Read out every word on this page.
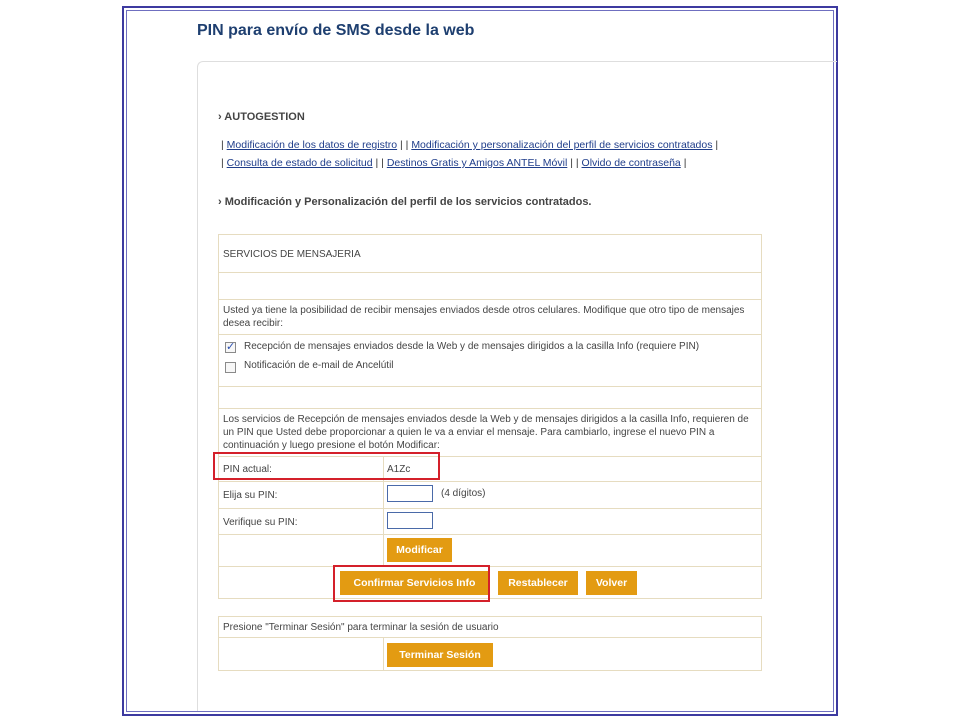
PIN para envío de SMS desde la web
› AUTOGESTION
| Modificación de los datos de registro | | Modificación y personalización del perfil de servicios contratados |
| Consulta de estado de solicitud | | Destinos Gratis y Amigos ANTEL Móvil | | Olvido de contraseña |
› Modificación y Personalización del perfil de los servicios contratados.
SERVICIOS DE MENSAJERIA
Usted ya tiene la posibilidad de recibir mensajes enviados desde otros celulares. Modifique que otro tipo de mensajes desea recibir:
✓
Recepción de mensajes enviados desde la Web y de mensajes dirigidos a la casilla Info (requiere PIN)
Notificación de e-mail de Ancelútil
Los servicios de Recepción de mensajes enviados desde la Web y de mensajes dirigidos a la casilla Info, requieren de un PIN que Usted debe proporcionar a quien le va a enviar el mensaje. Para cambiarlo, ingrese el nuevo PIN a continuación y luego presione el botón Modificar:
PIN actual:	A1Zc
Elija su PIN:	(4 dígitos)
Verifique su PIN:
Modificar
Confirmar Servicios Info	Restablecer	Volver
Presione "Terminar Sesión" para terminar la sesión de usuario
Terminar Sesión
